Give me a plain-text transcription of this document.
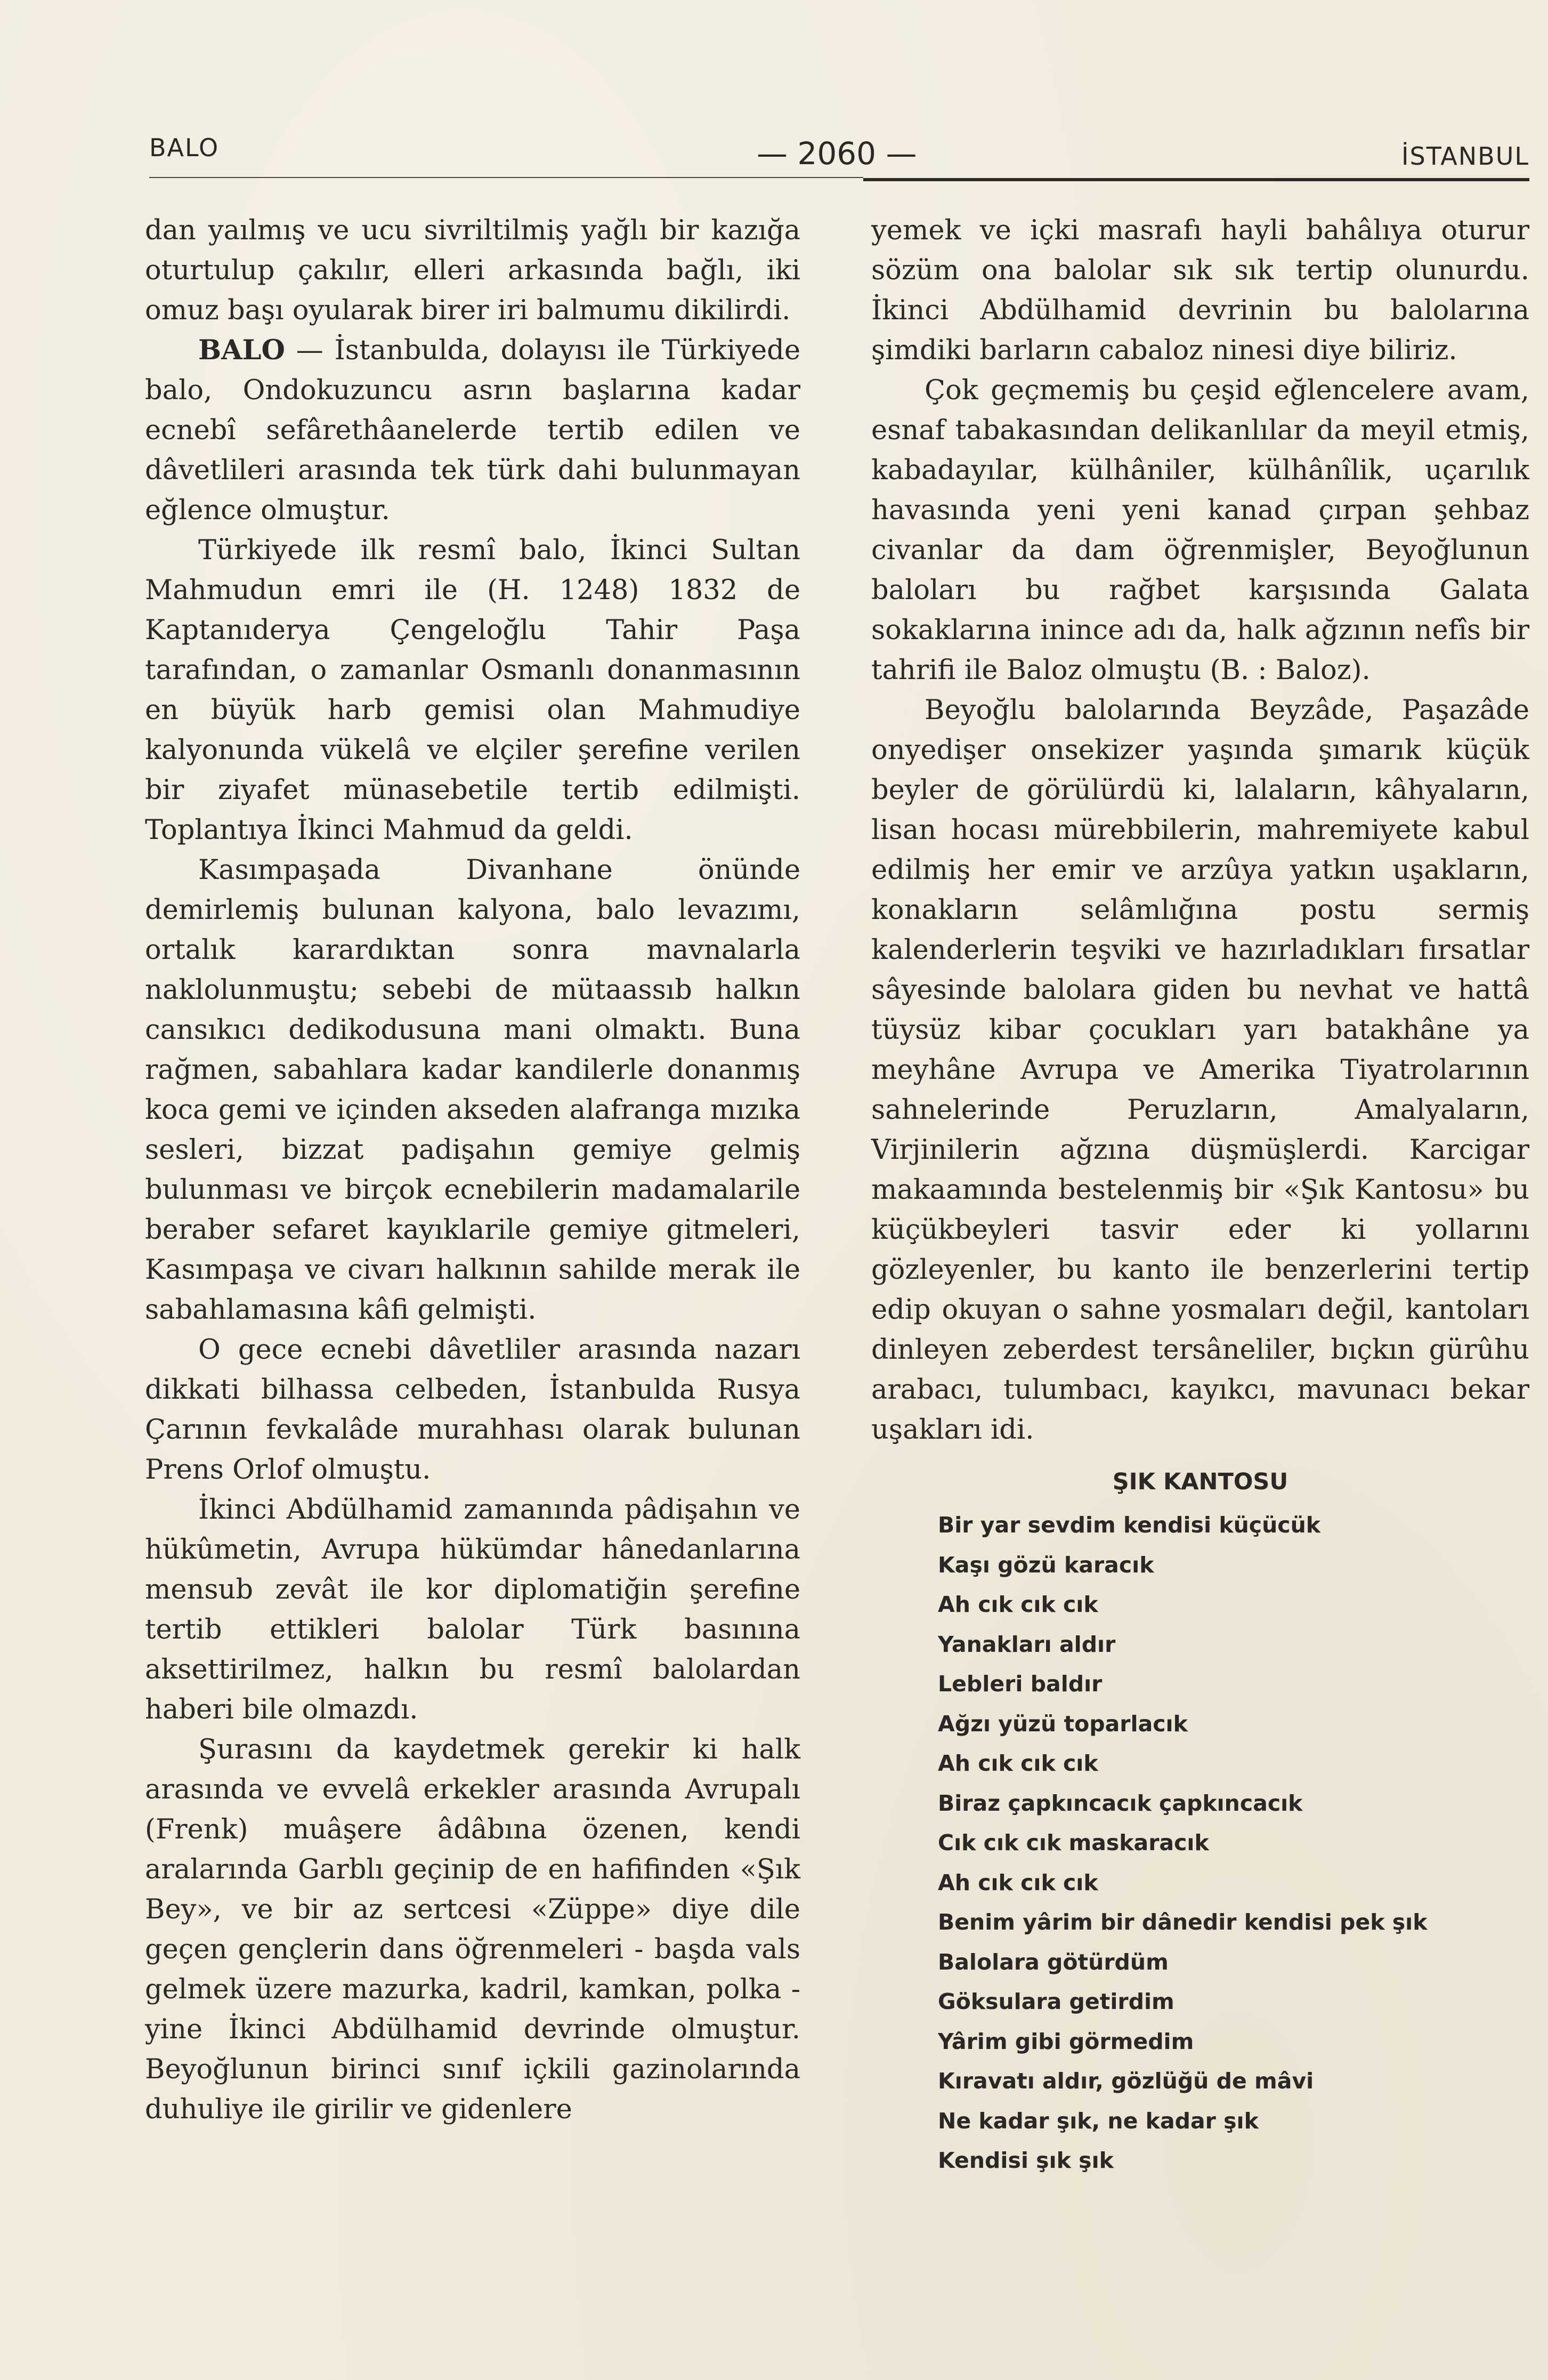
BALO	— 2060 —	İSTANBUL

dan yaılmış ve ucu sivriltilmiş yağlı bir kazığa oturtulup çakılır, elleri arkasında bağlı, iki omuz başı oyularak birer iri balmumu dikilirdi.

BALO — İstanbulda, dolayısı ile Türkiyede balo, Ondokuzuncu asrın başlarına kadar ecnebî sefârethâanelerde tertib edilen ve dâvetlileri arasında tek türk dahi bulunmayan eğlence olmuştur.

Türkiyede ilk resmî balo, İkinci Sultan Mahmudun emri ile (H. 1248) 1832 de Kaptanıderya Çengeloğlu Tahir Paşa tarafından, o zamanlar Osmanlı donanmasının en büyük harb gemisi olan Mahmudiye kalyonunda vükelâ ve elçiler şerefine verilen bir ziyafet münasebetile tertib edilmişti. Toplantıya İkinci Mahmud da geldi.

Kasımpaşada Divanhane önünde demirlemiş bulunan kalyona, balo levazımı, ortalık karardıktan sonra mavnalarla naklolunmuştu; sebebi de mütaassıb halkın cansıkıcı dedikodusuna mani olmaktı. Buna rağmen, sabahlara kadar kandilerle donanmış koca gemi ve içinden akseden alafranga mızıka sesleri, bizzat padişahın gemiye gelmiş bulunması ve birçok ecnebilerin madamalarile beraber sefaret kayıklarile gemiye gitmeleri, Kasımpaşa ve civarı halkının sahilde merak ile sabahlamasına kâfi gelmişti.

O gece ecnebi dâvetliler arasında nazarı dikkati bilhassa celbeden, İstanbulda Rusya Çarının fevkalâde murahhası olarak bulunan Prens Orlof olmuştu.

İkinci Abdülhamid zamanında pâdişahın ve hükûmetin, Avrupa hükümdar hânedanlarına mensub zevât ile kor diplomatiğin şerefine tertib ettikleri balolar Türk basınına aksettirilmez, halkın bu resmî balolardan haberi bile olmazdı.

Şurasını da kaydetmek gerekir ki halk arasında ve evvelâ erkekler arasında Avrupalı (Frenk) muâşere âdâbına özenen, kendi aralarında Garblı geçinip de en hafifinden «Şık Bey», ve bir az sertcesi «Züppe» diye dile geçen gençlerin dans öğrenmeleri - başda vals gelmek üzere mazurka, kadril, kamkan, polka - yine İkinci Abdülhamid devrinde olmuştur. Beyoğlunun birinci sınıf içkili gazinolarında duhuliye ile girilir ve gidenlere

yemek ve içki masrafı hayli bahâlıya oturur sözüm ona balolar sık sık tertip olunurdu. İkinci Abdülhamid devrinin bu balolarına şimdiki barların cabaloz ninesi diye biliriz.

Çok geçmemiş bu çeşid eğlencelere avam, esnaf tabakasından delikanlılar da meyil etmiş, kabadayılar, külhâniler, külhânîlik, uçarılık havasında yeni yeni kanad çırpan şehbaz civanlar da dam öğrenmişler, Beyoğlunun baloları bu rağbet karşısında Galata sokaklarına inince adı da, halk ağzının nefîs bir tahrifi ile Baloz olmuştu (B. : Baloz).

Beyoğlu balolarında Beyzâde, Paşazâde onyedişer onsekizer yaşında şımarık küçük beyler de görülürdü ki, lalaların, kâhyaların, lisan hocası mürebbilerin, mahremiyete kabul edilmiş her emir ve arzûya yatkın uşakların, konakların selâmlığına postu sermiş kalenderlerin teşviki ve hazırladıkları fırsatlar sâyesinde balolara giden bu nevhat ve hattâ tüysüz kibar çocukları yarı batakhâne ya meyhâne Avrupa ve Amerika Tiyatrolarının sahnelerinde Peruzların, Amalyaların, Virjinilerin ağzına düşmüşlerdi. Karcigar makaamında bestelenmiş bir «Şık Kantosu» bu küçükbeyleri tasvir eder ki yollarını gözleyenler, bu kanto ile benzerlerini tertip edip okuyan o sahne yosmaları değil, kantoları dinleyen zeberdest tersâneliler, bıçkın gürûhu arabacı, tulumbacı, kayıkcı, mavunacı bekar uşakları idi.

ŞIK KANTOSU
Bir yar sevdim kendisi küçücük
Kaşı gözü karacık
Ah cık cık cık
Yanakları aldır
Lebleri baldır
Ağzı yüzü toparlacık
Ah cık cık cık
Biraz çapkıncacık çapkıncacık
Cık cık cık maskaracık
Ah cık cık cık
Benim yârim bir dânedir kendisi pek şık
Balolara götürdüm
Göksulara getirdim
Yârim gibi görmedim
Kıravatı aldır, gözlüğü de mâvi
Ne kadar şık, ne kadar şık
Kendisi şık şık
